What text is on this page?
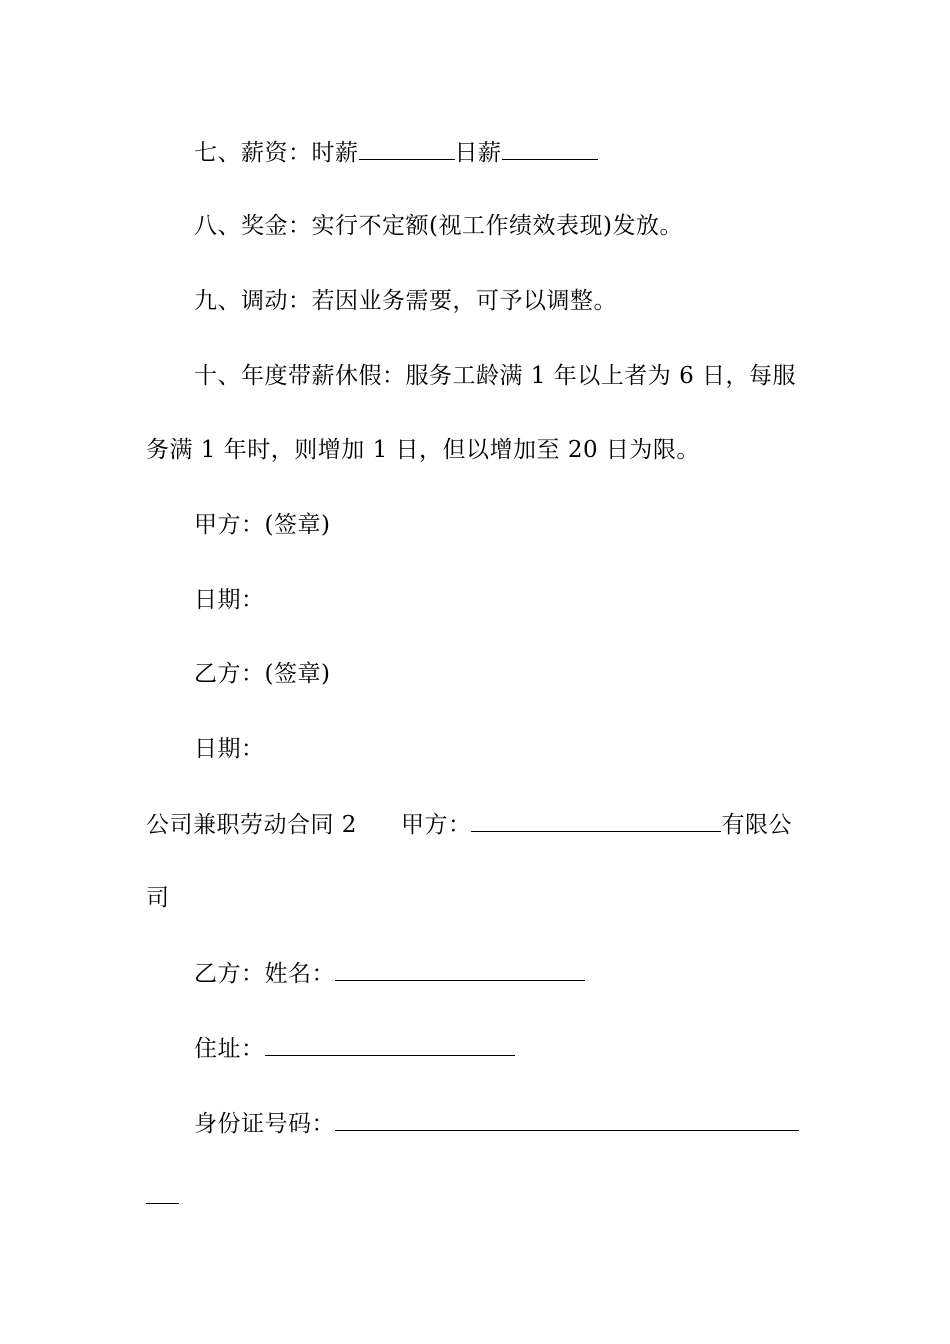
七、薪资：时薪	日薪
八、奖金：实行不定额(视工作绩效表现)发放。
九、调动：若因业务需要，可予以调整。
十、年度带薪休假：服务工龄满 1 年以上者为 6 日，每服
务满 1 年时，则增加 1 日，但以增加至 20 日为限。
甲方：(签章)
日期：
乙方：(签章)
日期：
公司兼职劳动合同 2 甲方：	有限公
司
乙方：姓名：
住址：
身份证号码：
